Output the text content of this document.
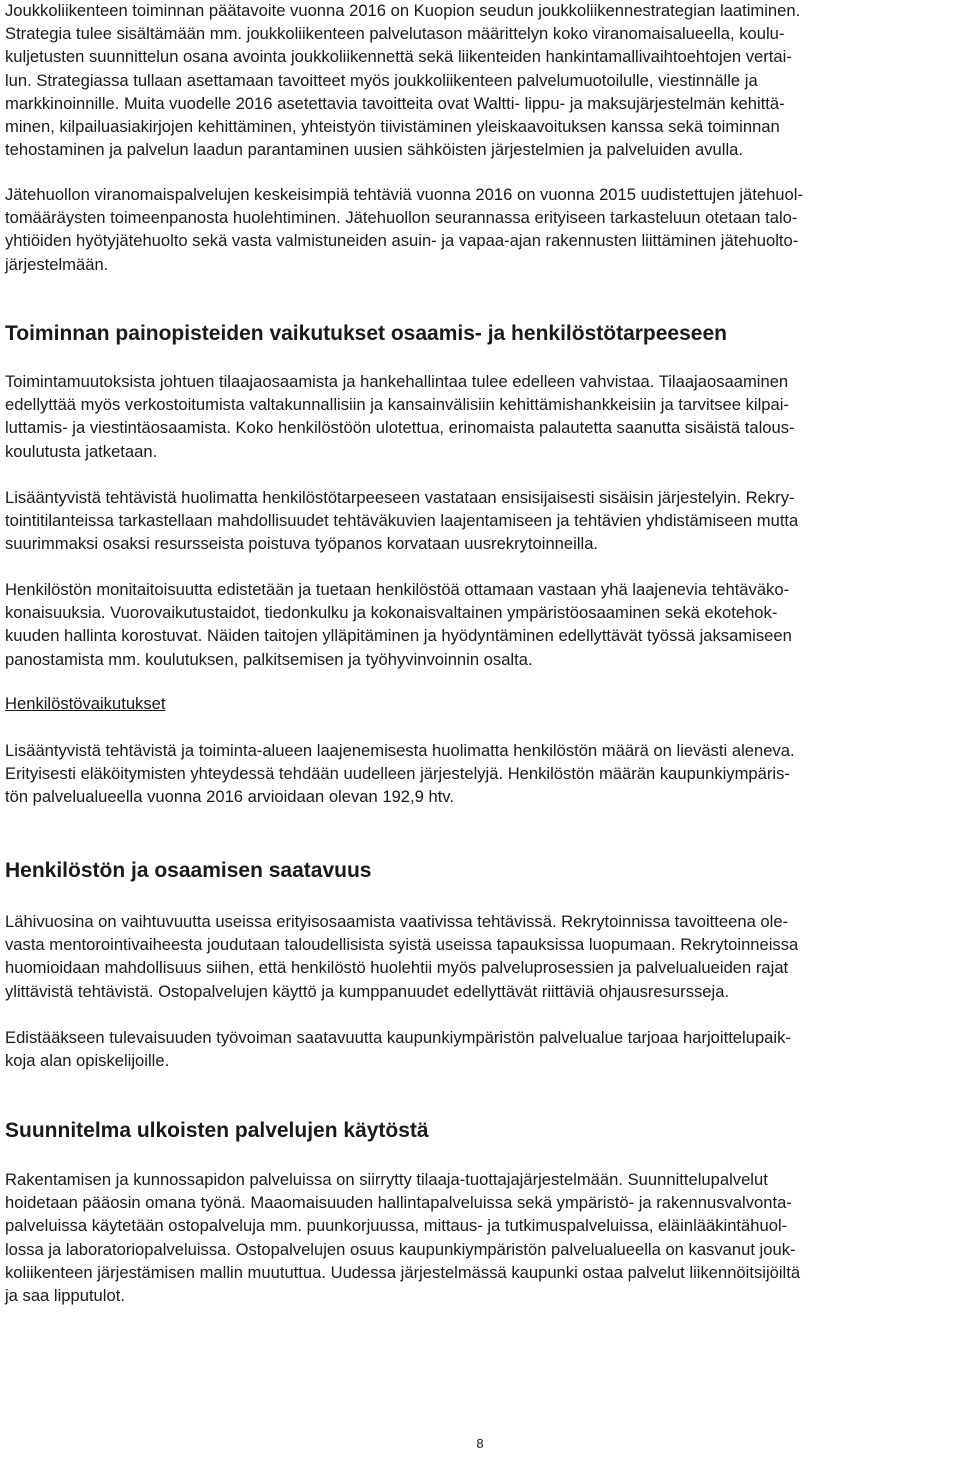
Joukkoliikenteen toiminnan päätavoite vuonna 2016 on Kuopion seudun joukkoliikennestrategian laatiminen.
Strategia tulee sisältämään mm. joukkoliikenteen palvelutason määrittelyn koko viranomaisalueella, koulu-
kuljetusten suunnittelun osana avointa joukkoliikennettä sekä liikenteiden hankintamallivaihtoehtojen vertai-
lun. Strategiassa tullaan asettamaan tavoitteet myös joukkoliikenteen palvelumuotoilulle, viestinnälle ja
markkinoinnille. Muita vuodelle 2016 asetettavia tavoitteita ovat Waltti- lippu- ja maksujärjestelmän kehittä-
minen, kilpailuasiakirjojen kehittäminen, yhteistyön tiivistäminen yleiskaavoituksen kanssa sekä toiminnan
tehostaminen ja palvelun laadun parantaminen uusien sähköisten järjestelmien ja palveluiden avulla.

Jätehuollon viranomaispalvelujen keskeisimpiä tehtäviä vuonna 2016 on vuonna 2015 uudistettujen jätehuol-
tomääräysten toimeenpanosta huolehtiminen. Jätehuollon seurannassa erityiseen tarkasteluun otetaan talo-
yhtiöiden hyötyjätehuolto sekä vasta valmistuneiden asuin- ja vapaa-ajan rakennusten liittäminen jätehuolto-
järjestelmään.

Toiminnan painopisteiden vaikutukset osaamis- ja henkilöstötarpeeseen

Toimintamuutoksista johtuen tilaajaosaamista ja hankehallintaa tulee edelleen vahvistaa. Tilaajaosaaminen
edellyttää myös verkostoitumista valtakunnallisiin ja kansainvälisiin kehittämishankkeisiin ja tarvitsee kilpai-
luttamis- ja viestintäosaamista. Koko henkilöstöön ulotettua, erinomaista palautetta saanutta sisäistä talous-
koulutusta jatketaan.

Lisääntyvistä tehtävistä huolimatta henkilöstötarpeeseen vastataan ensisijaisesti sisäisin järjestelyin. Rekry-
tointitilanteissa tarkastellaan mahdollisuudet tehtäväkuvien laajentamiseen ja tehtävien yhdistämiseen mutta
suurimmaksi osaksi resursseista poistuva työpanos korvataan uusrekrytoinneilla.

Henkilöstön monitaitoisuutta edistetään ja tuetaan henkilöstöä ottamaan vastaan yhä laajenevia tehtäväko-
konaisuuksia. Vuorovaikutustaidot, tiedonkulku ja kokonaisvaltainen ympäristöosaaminen sekä ekotehok-
kuuden hallinta korostuvat. Näiden taitojen ylläpitäminen ja hyödyntäminen edellyttävät työssä jaksamiseen
panostamista mm. koulutuksen, palkitsemisen ja työhyvinvoinnin osalta.

Henkilöstövaikutukset

Lisääntyvistä tehtävistä ja toiminta-alueen laajenemisesta huolimatta henkilöstön määrä on lievästi aleneva.
Erityisesti eläköitymisten yhteydessä tehdään uudelleen järjestelyjä. Henkilöstön määrän kaupunkiympäris-
tön palvelualueella vuonna 2016 arvioidaan olevan 192,9 htv.

Henkilöstön ja osaamisen saatavuus

Lähivuosina on vaihtuvuutta useissa erityisosaamista vaativissa tehtävissä. Rekrytoinnissa tavoitteena ole-
vasta mentorointivaiheesta joudutaan taloudellisista syistä useissa tapauksissa luopumaan. Rekrytoinneissa
huomioidaan mahdollisuus siihen, että henkilöstö huolehtii myös palveluprosessien ja palvelualueiden rajat
ylittävistä tehtävistä. Ostopalvelujen käyttö ja kumppanuudet edellyttävät riittäviä ohjausresursseja.

Edistääkseen tulevaisuuden työvoiman saatavuutta kaupunkiympäristön palvelualue tarjoaa harjoittelupaik-
koja alan opiskelijoille.

Suunnitelma ulkoisten palvelujen käytöstä

Rakentamisen ja kunnossapidon palveluissa on siirrytty tilaaja-tuottajajärjestelmään. Suunnittelupalvelut
hoidetaan pääosin omana työnä. Maaomaisuuden hallintapalveluissa sekä ympäristö- ja rakennusvalvonta-
palveluissa käytetään ostopalveluja mm. puunkorjuussa, mittaus- ja tutkimuspalveluissa, eläinlääkintähuol-
lossa ja laboratoriopalveluissa. Ostopalvelujen osuus kaupunkiympäristön palvelualueella on kasvanut jouk-
koliikenteen järjestämisen mallin muututtua. Uudessa järjestelmässä kaupunki ostaa palvelut liikennöitsijöiltä
ja saa lipputulot.

8
